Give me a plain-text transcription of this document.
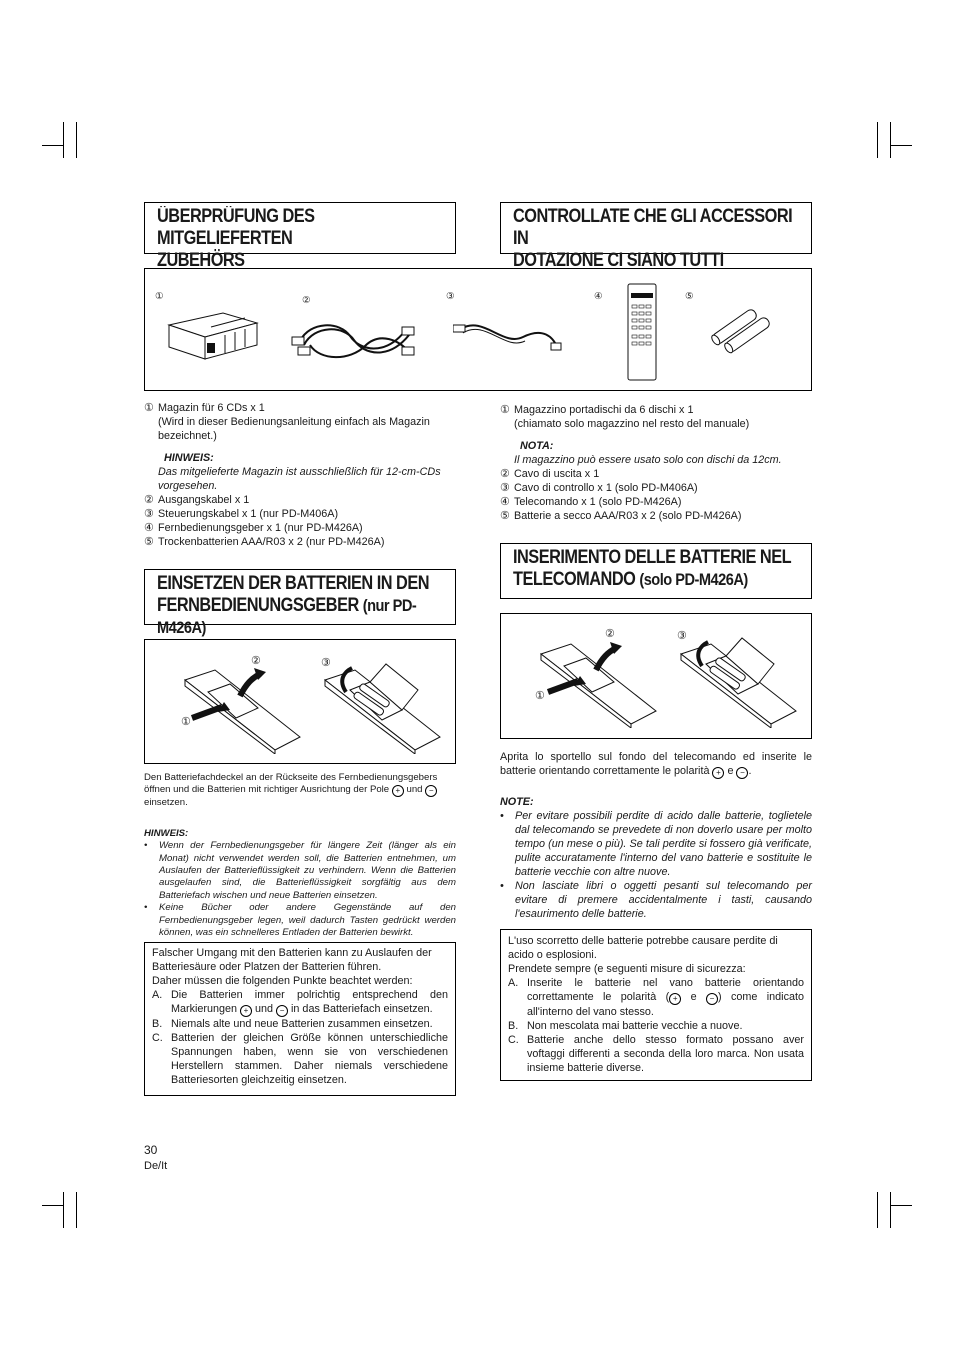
ÜBERPRÜFUNG DES MITGELIEFERTEN
ZUBEHÖRS
CONTROLLATE CHE GLI ACCESSORI IN
DOTAZIONE CI SIANO TUTTI
①	②	③	④	⑤
① Magazin für 6 CDs x 1
(Wird in dieser Bedienungsanleitung einfach als Magazin bezeichnet.)
HINWEIS:
Das mitgelieferte Magazin ist ausschließlich für 12-cm-CDs vorgesehen.
② Ausgangskabel x 1
③ Steuerungskabel x 1 (nur PD-M406A)
④ Fernbedienungsgeber x 1 (nur PD-M426A)
⑤ Trockenbatterien AAA/R03 x 2 (nur PD-M426A)
① Magazzino portadischi da 6 dischi x 1
(chiamato solo magazzino nel resto del manuale)
NOTA:
Il magazzino può essere usato solo con dischi da 12cm.
② Cavo di uscita x 1
③ Cavo di controllo x 1 (solo PD-M406A)
④ Telecomando x 1 (solo PD-M426A)
⑤ Batterie a secco AAA/R03 x 2 (solo PD-M426A)
EINSETZEN DER BATTERIEN IN DEN
FERNBEDIENUNGSGEBER (nur PD-M426A)
INSERIMENTO DELLE BATTERIE NEL
TELECOMANDO (solo PD-M426A)
②	③
①
Den Batteriefachdeckel an der Rückseite des Fernbedienungsgebers öffnen und die Batterien mit richtiger Ausrichtung der Pole + und − einsetzen.
HINWEIS:
•	Wenn der Fernbedienungsgeber für längere Zeit (länger als ein Monat) nicht verwendet werden soll, die Batterien entnehmen, um Auslaufen der Batterieflüssigkeit zu verhindern. Wenn die Batterien ausgelaufen sind, die Batterieflüssigkeit sorgfältig aus dem Batteriefach wischen und neue Batterien einsetzen.
•	Keine Bücher oder andere Gegenstände auf den Fernbedienungsgeber legen, weil dadurch Tasten gedrückt werden können, was ein schnelleres Entladen der Batterien bewirkt.
Falscher Umgang mit den Batterien kann zu Auslaufen der Batteriesäure oder Platzen der Batterien führen.
Daher müssen die folgenden Punkte beachtet werden:
A. Die Batterien immer polrichtig entsprechend den Markierungen + und − in das Batteriefach einsetzen.
B. Niemals alte und neue Batterien zusammen einsetzen.
C. Batterien der gleichen Größe können unterschiedliche Spannungen haben, wenn sie von verschiedenen Herstellern stammen. Daher niemals verschiedene Batteriesorten gleichzeitig einsetzen.
②	③
①
Aprita lo sportello sul fondo del telecomando ed inserite le batterie orientando correttamente le polarità + e − .
NOTE:
•	Per evitare possibili perdite di acido dalle batterie, toglietele dal telecomando se prevedete di non doverlo usare per molto tempo (un mese o più). Se tali perdite si fossero già verificate, pulite accuratamente l'interno del vano batterie e sostituite le batterie vecchie con altre nuove.
•	Non lasciate libri o oggetti pesanti sul telecomando per evitare di premere accidentalmente i tasti, causando l'esaurimento delle batterie.
L'uso scorretto delle batterie potrebbe causare perdite di acido o esplosioni.
Prendete sempre (e seguenti misure di sicurezza:
A. Inserite le batterie nel vano batterie orientando correttamente le polarità ( + e − ) come indicato all'interno del vano stesso.
B. Non mescolata mai batterie vecchie a nuove.
C. Batterie anche dello stesso formato possano aver voftaggi differenti a seconda della loro marca. Non usata insieme batterie diverse.
30
De/It
